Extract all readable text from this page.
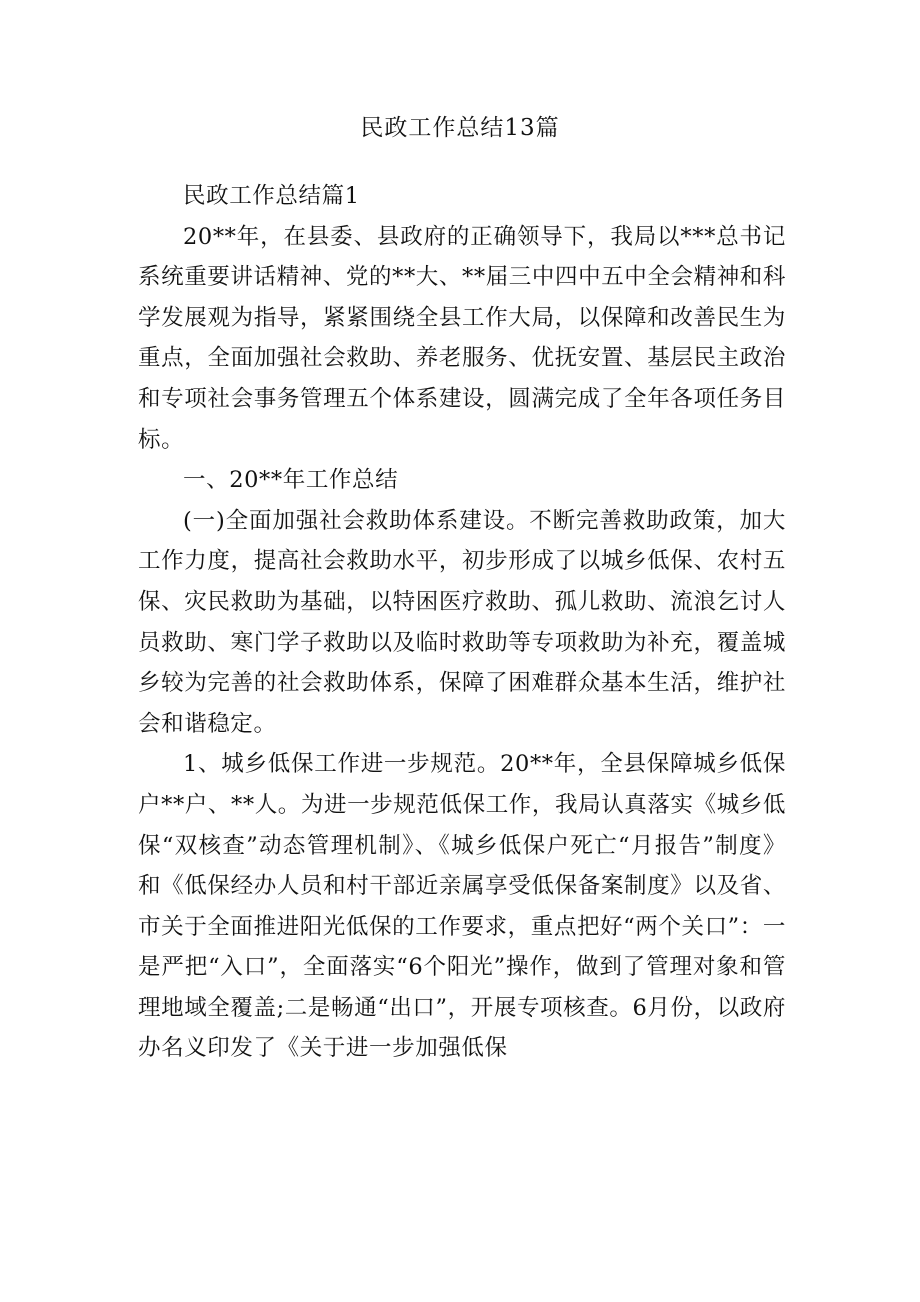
民政工作总结13篇

民政工作总结篇1

20**年，在县委、县政府的正确领导下，我局以***总书记系统重要讲话精神、党的**大、**届三中四中五中全会精神和科学发展观为指导，紧紧围绕全县工作大局，以保障和改善民生为重点，全面加强社会救助、养老服务、优抚安置、基层民主政治和专项社会事务管理五个体系建设，圆满完成了全年各项任务目标。

一、20**年工作总结

(一)全面加强社会救助体系建设。不断完善救助政策，加大工作力度，提高社会救助水平，初步形成了以城乡低保、农村五保、灾民救助为基础，以特困医疗救助、孤儿救助、流浪乞讨人员救助、寒门学子救助以及临时救助等专项救助为补充，覆盖城乡较为完善的社会救助体系，保障了困难群众基本生活，维护社会和谐稳定。

1、城乡低保工作进一步规范。20**年，全县保障城乡低保户**户、**人。为进一步规范低保工作，我局认真落实《城乡低保“双核查”动态管理机制》、《城乡低保户死亡“月报告”制度》和《低保经办人员和村干部近亲属享受低保备案制度》以及省、市关于全面推进阳光低保的工作要求，重点把好“两个关口”：一是严把“入口”，全面落实“6个阳光”操作，做到了管理对象和管理地域全覆盖;二是畅通“出口”，开展专项核查。6月份，以政府办名义印发了《关于进一步加强低保
